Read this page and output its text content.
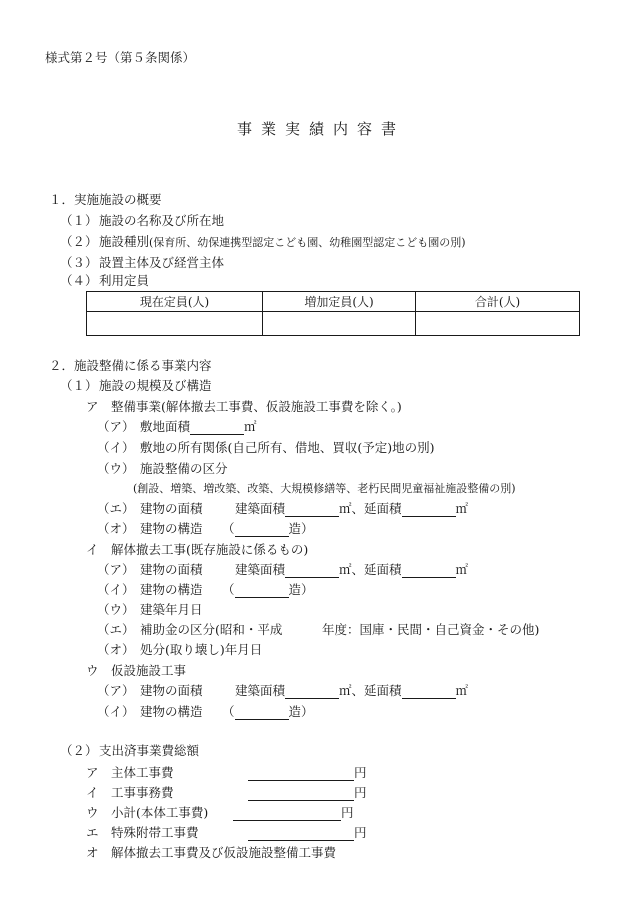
様式第２号（第５条関係）
事業実績内容書
１．実施施設の概要
（１） 施設の名称及び所在地
（２） 施設種別(保育所、幼保連携型認定こども園、幼稚園型認定こども園の別)
（３） 設置主体及び経営主体
（４） 利用定員
現在定員(人)	増加定員(人)	合計(人)

２．施設整備に係る事業内容
（１） 施設の規模及び構造
ア 整備事業(解体撤去工事費、仮設施設工事費を除く。)
（ア） 敷地面積	㎡
（イ） 敷地の所有関係(自己所有、借地、買収(予定)地の別)
（ウ） 施設整備の区分
(創設、増築、増改築、改築、大規模修繕等、老朽民間児童福祉施設整備の別)
（エ） 建物の面積	建築面積	㎡、延面積	㎡
（オ） 建物の構造 （	造）
イ 解体撤去工事(既存施設に係るもの)
（ア） 建物の面積	建築面積	㎡、延面積	㎡
（イ） 建物の構造 （	造）
（ウ） 建築年月日
（エ） 補助金の区分(昭和・平成	年度：国庫・民間・自己資金・その他)
（オ） 処分(取り壊し)年月日
ウ 仮設施設工事
（ア） 建物の面積	建築面積	㎡、延面積	㎡
（イ） 建物の構造 （	造）
（２） 支出済事業費総額
ア 主体工事費	円
イ 工事事務費	円
ウ 小計(本体工事費)	円
エ 特殊附帯工事費	円
オ 解体撤去工事費及び仮設施設整備工事費
